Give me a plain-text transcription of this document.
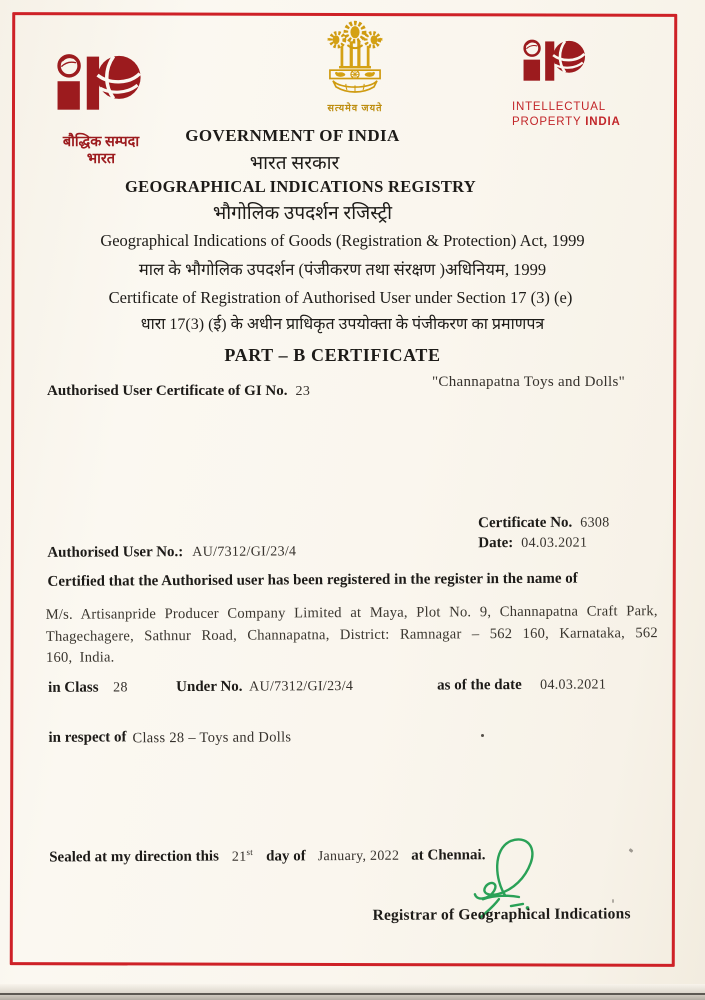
बौद्धिक सम्पदा
भारत
सत्यमेव जयते	INTELLECTUAL
PROPERTY INDIA
GOVERNMENT OF INDIA
भारत सरकार
GEOGRAPHICAL INDICATIONS REGISTRY
भौगोलिक उपदर्शन रजिस्ट्री
Geographical Indications of Goods (Registration & Protection) Act, 1999
माल के भौगोलिक उपदर्शन (पंजीकरण तथा संरक्षण )अधिनियम, 1999
Certificate of Registration of Authorised User under Section 17 (3) (e)
धारा 17(3) (ई) के अधीन प्राधिकृत उपयोक्ता के पंजीकरण का प्रमाणपत्र
PART – B CERTIFICATE
Authorised User Certificate of GI No. 23
"Channapatna Toys and Dolls"
Certificate No. 6308
Date: 04.03.2021
Authorised User No.: AU/7312/GI/23/4
Certified that the Authorised user has been registered in the register in the name of
M/s. Artisanpride Producer Company Limited at Maya, Plot No. 9, Channapatna Craft Park, Thagechagere, Sathnur Road, Channapatna, District: Ramnagar – 562 160, Karnataka, 562 160, India.
in Class 28	Under No. AU/7312/GI/23/4	as of the date 04.03.2021
in respect of Class 28 – Toys and Dolls
Sealed at my direction this 21st day of January, 2022 at Chennai.
Registrar of Geographical Indications
